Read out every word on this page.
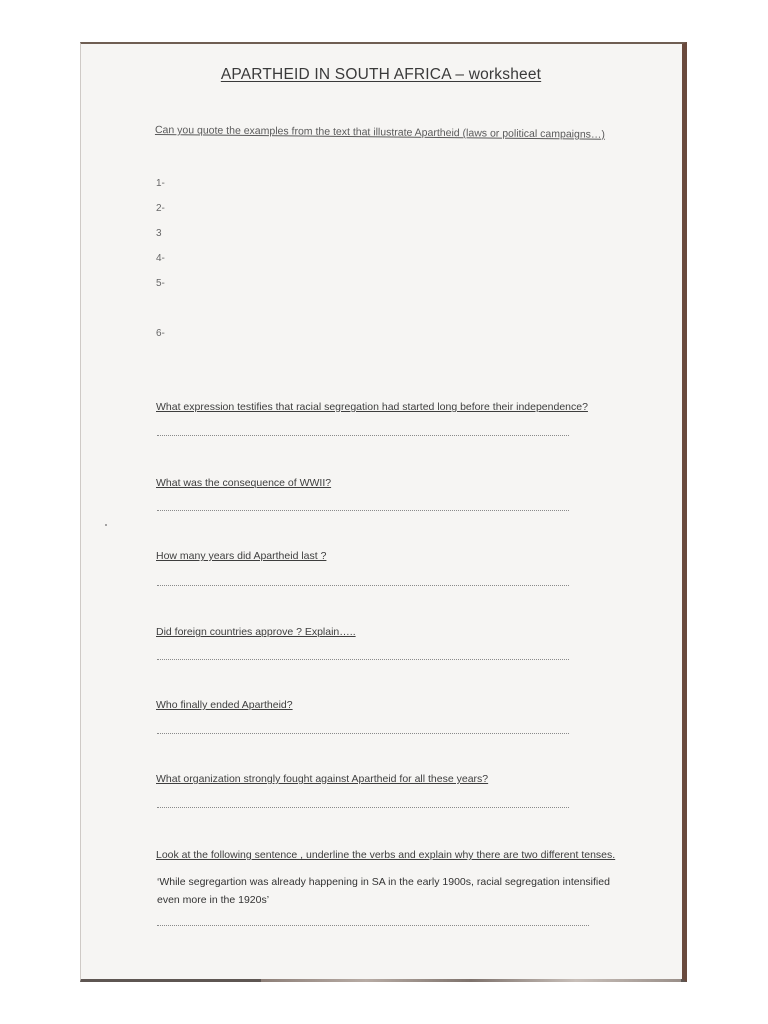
APARTHEID IN SOUTH AFRICA – worksheet
Can you quote the examples from the text that illustrate Apartheid (laws or political campaigns…)
1-
2-
3
4-
5-
6-
What expression testifies that racial segregation had started long before their independence?
What was the consequence of WWII?
How many years did Apartheid last ?
Did foreign countries approve ? Explain…..
Who finally ended Apartheid?
What organization strongly fought against Apartheid for all these years?
Look at the following sentence , underline the verbs and explain why there are two different tenses.
‘While segregartion was already happening in SA in the early 1900s, racial segregation intensified even more in the 1920s’
